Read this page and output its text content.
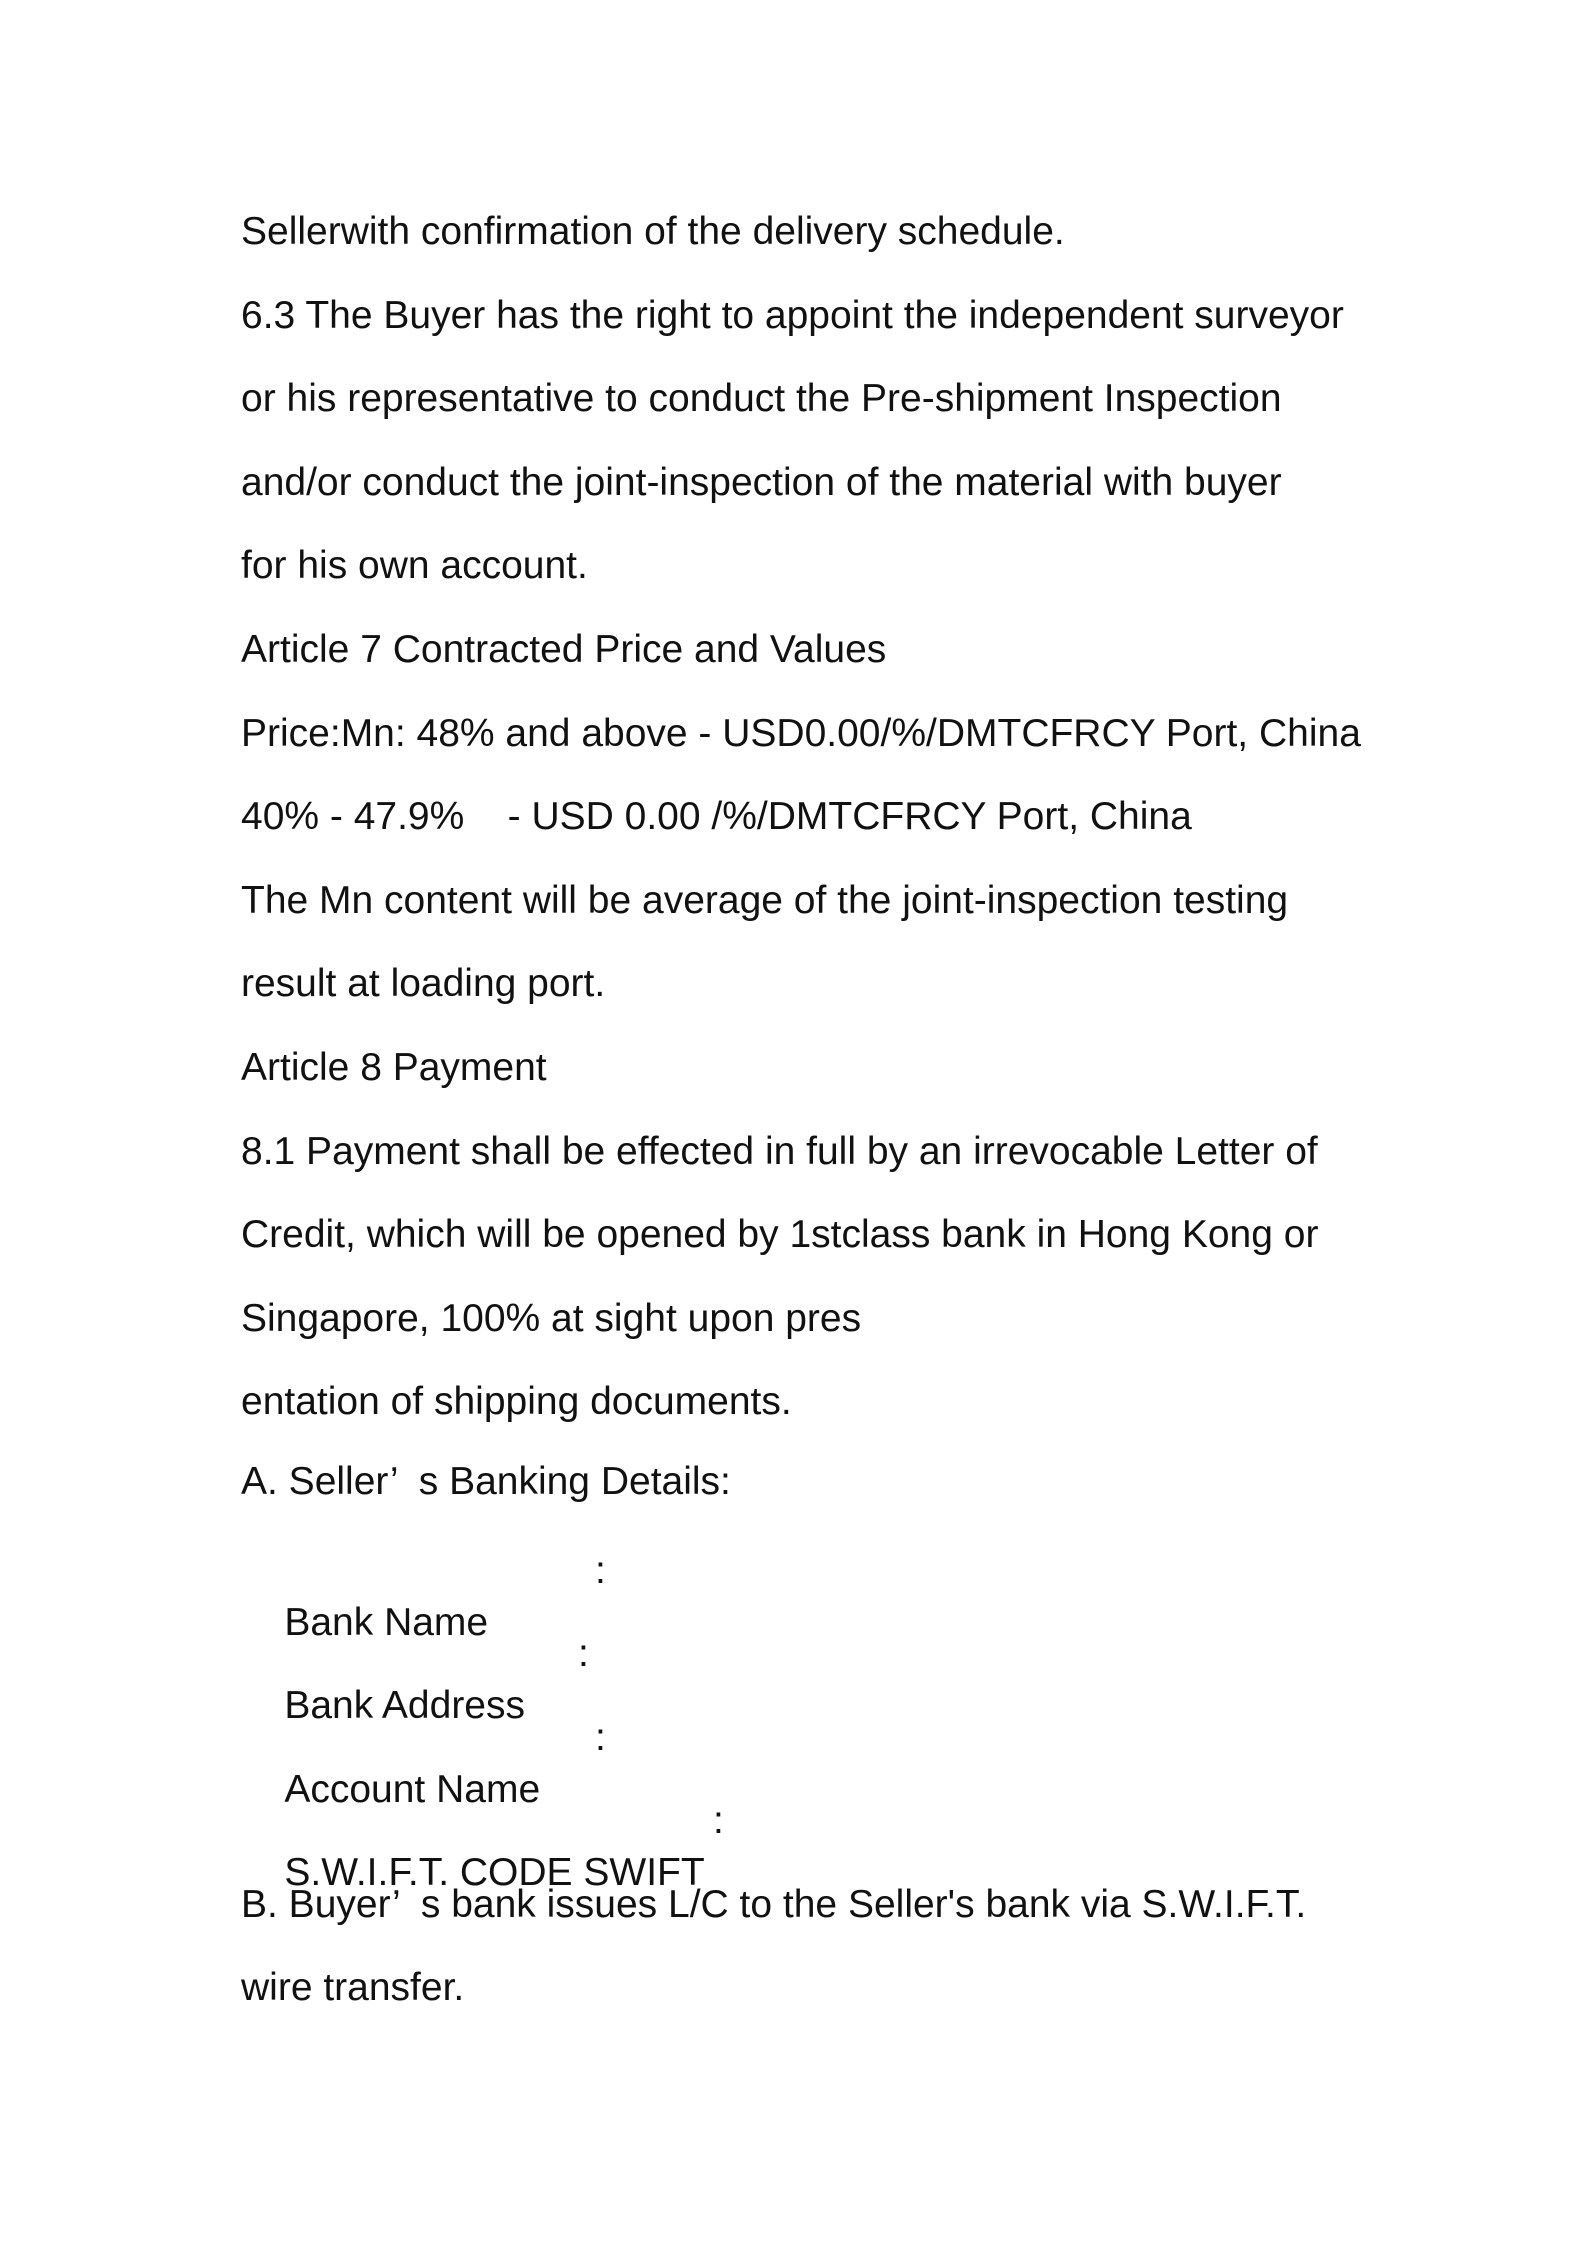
Sellerwith confirmation of the delivery schedule.
6.3 The Buyer has the right to appoint the independent surveyor
or his representative to conduct the Pre-shipment Inspection
and/or conduct the joint-inspection of the material with buyer
for his own account.
Article 7 Contracted Price and Values
Price:Mn: 48% and above - USD0.00/%/DMTCFRCY Port, China
40% - 47.9%    - USD 0.00 /%/DMTCFRCY Port, China
The Mn content will be average of the joint-inspection testing
result at loading port.
Article 8 Payment
8.1 Payment shall be effected in full by an irrevocable Letter of
Credit, which will be opened by 1stclass bank in Hong Kong or
Singapore, 100% at sight upon pres
entation of shipping documents.
A. Seller’  s Banking Details:

Bank Name

:

Bank Address

:

Account Name

:

S.W.I.F.T. CODE SWIFT

:

B. Buyer’  s bank issues L/C to the Seller's bank via S.W.I.F.T.
wire transfer.
